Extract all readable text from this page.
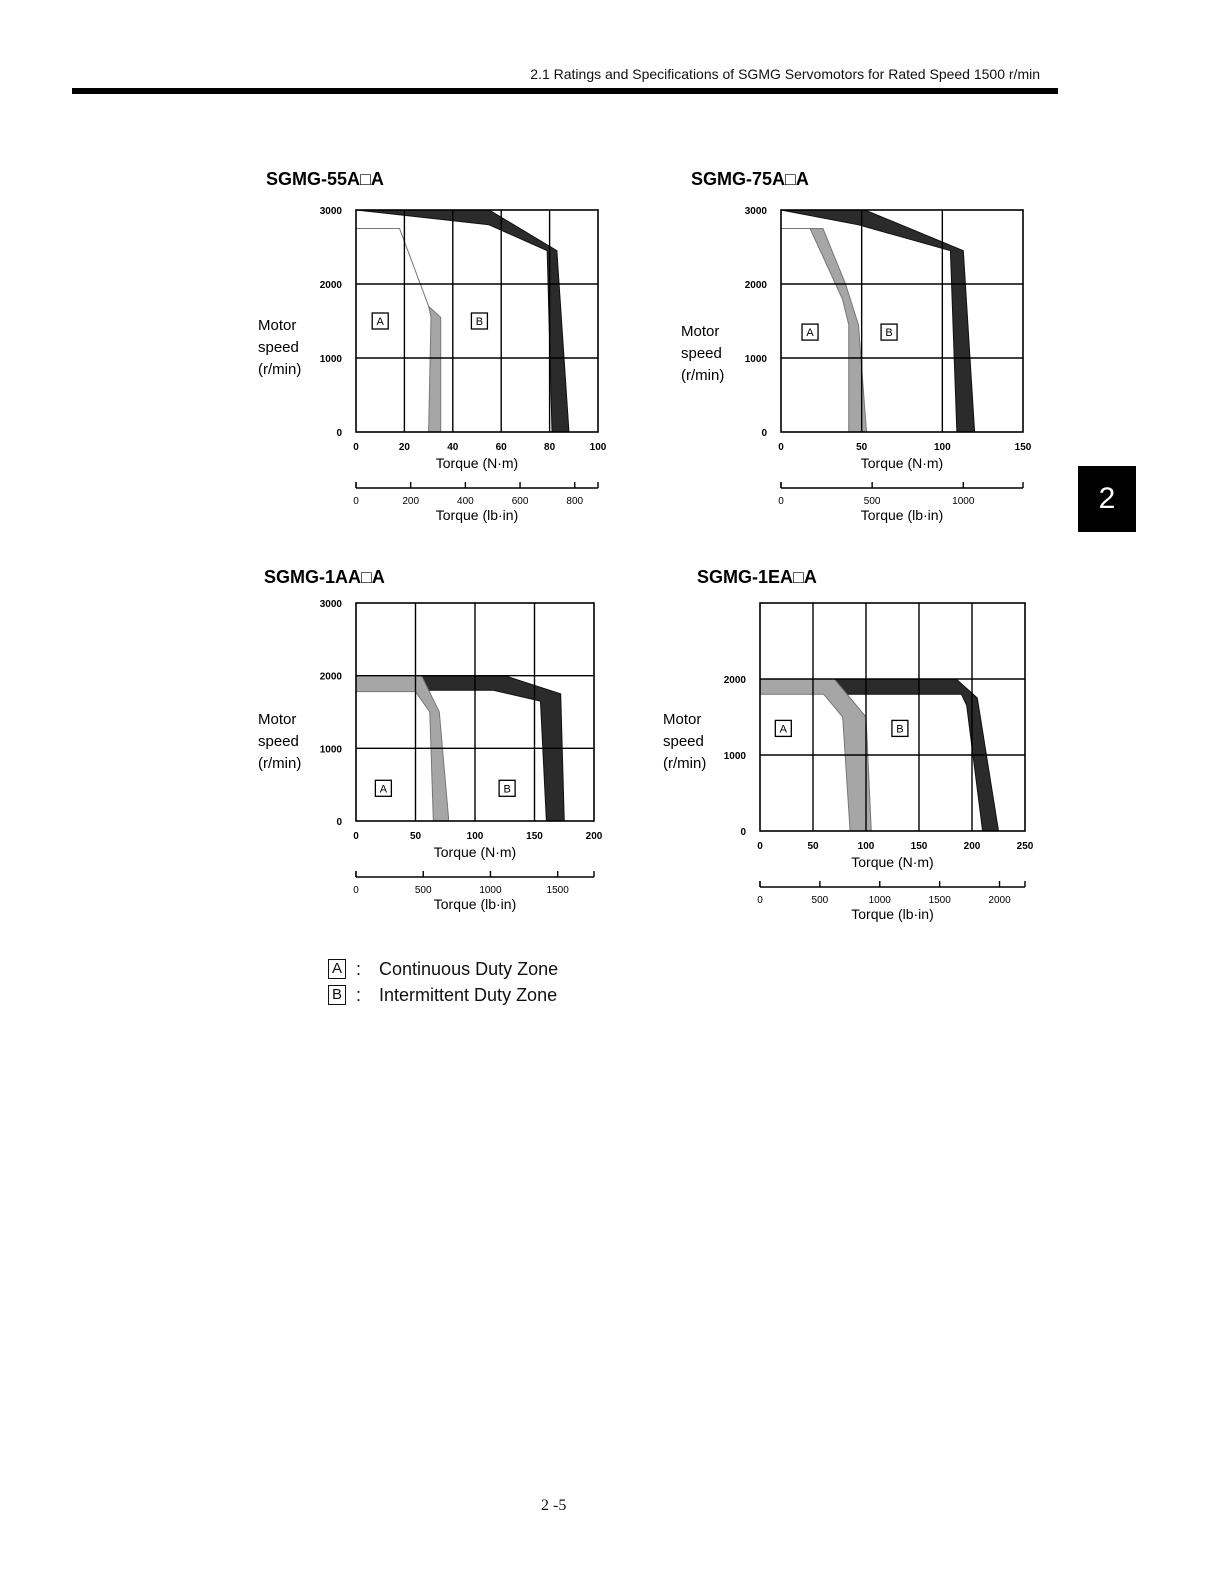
2.1 Ratings and Specifications of SGMG Servomotors for Rated Speed 1500 r/min
2
SGMG-55A□A
0
1000
2000
3000
0	20	40	60	80	100
Torque (N·m)
0	200	400	600	800
Torque (lb·in)
Motor
speed
(r/min)
A	B
SGMG-75A□A
0
1000
2000
3000
0	50	100	150
Torque (N·m)
0	500	1000
Torque (lb·in)
Motor
speed
(r/min)
A	B
SGMG-1AA□A
0
1000
2000
3000
0	50	100	150	200
Torque (N·m)
0	500	1000	1500
Torque (lb·in)
Motor
speed
(r/min)
A	B
SGMG-1EA□A
0
1000
2000
0	50	100	150	200	250
Torque (N·m)
0	500	1000	1500	2000
Torque (lb·in)
Motor
speed
(r/min)
A	B
A : Continuous Duty Zone
B : Intermittent Duty Zone
2 -5
